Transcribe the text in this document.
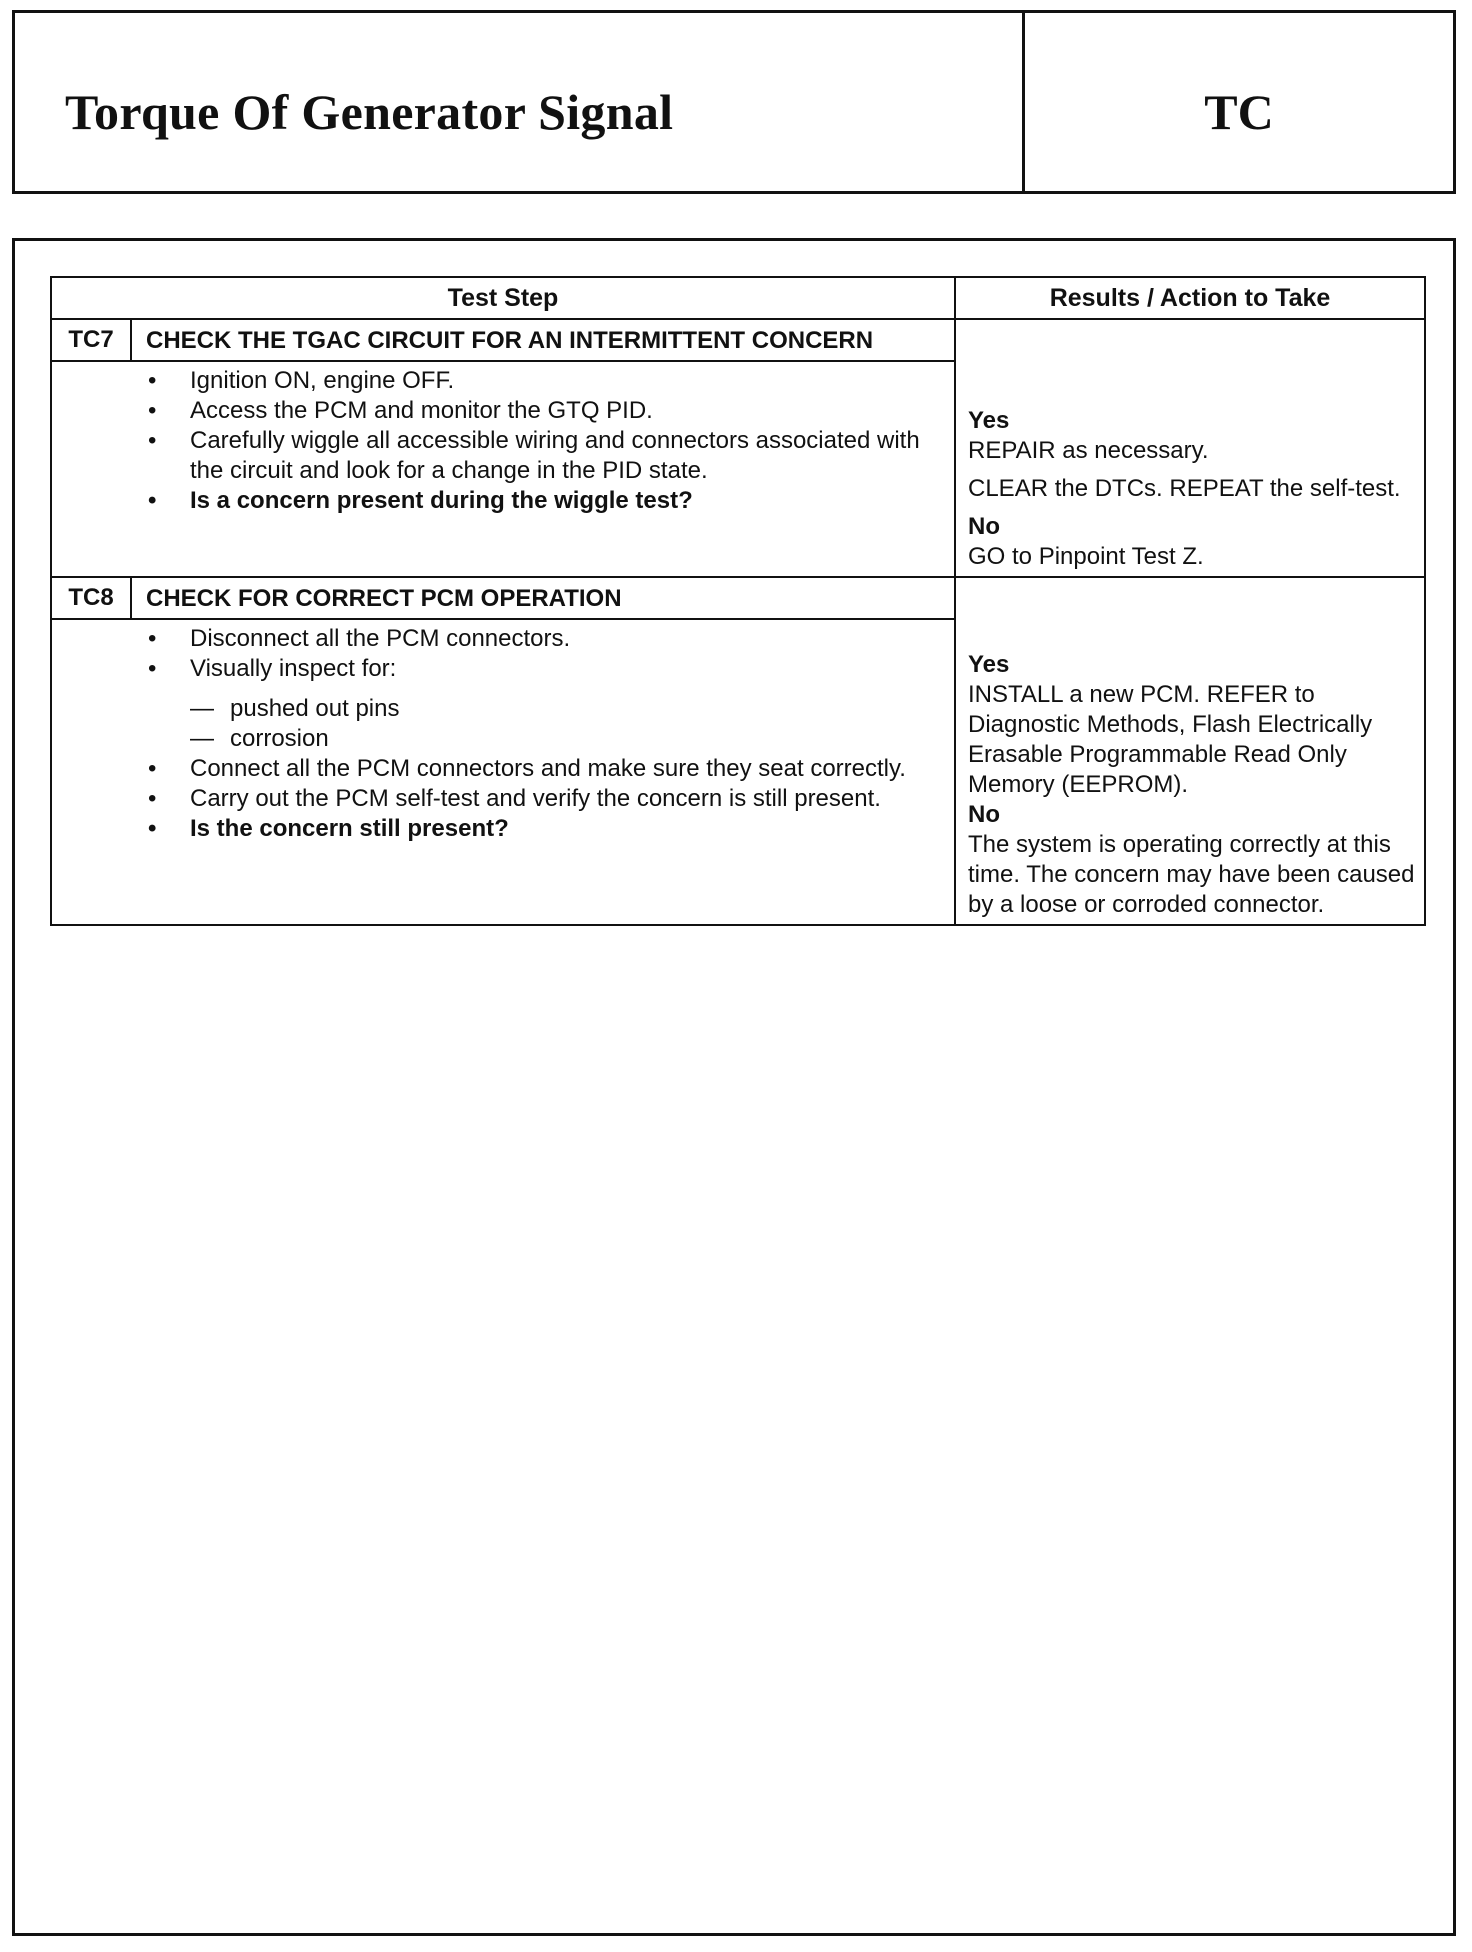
Torque Of Generator Signal	TC
Test Step	Results / Action to Take
TC7	CHECK THE TGAC CIRCUIT FOR AN INTERMITTENT CONCERN
• Ignition ON, engine OFF.
• Access the PCM and monitor the GTQ PID.
• Carefully wiggle all accessible wiring and connectors associated with the circuit and look for a change in the PID state.
• Is a concern present during the wiggle test?
Yes
REPAIR as necessary.
CLEAR the DTCs. REPEAT the self-test.
No
GO to Pinpoint Test Z.
TC8	CHECK FOR CORRECT PCM OPERATION
• Disconnect all the PCM connectors.
• Visually inspect for:
— pushed out pins
— corrosion
• Connect all the PCM connectors and make sure they seat correctly.
• Carry out the PCM self-test and verify the concern is still present.
• Is the concern still present?
Yes
INSTALL a new PCM. REFER to Diagnostic Methods, Flash Electrically Erasable Programmable Read Only Memory (EEPROM).
No
The system is operating correctly at this time. The concern may have been caused by a loose or corroded connector.
